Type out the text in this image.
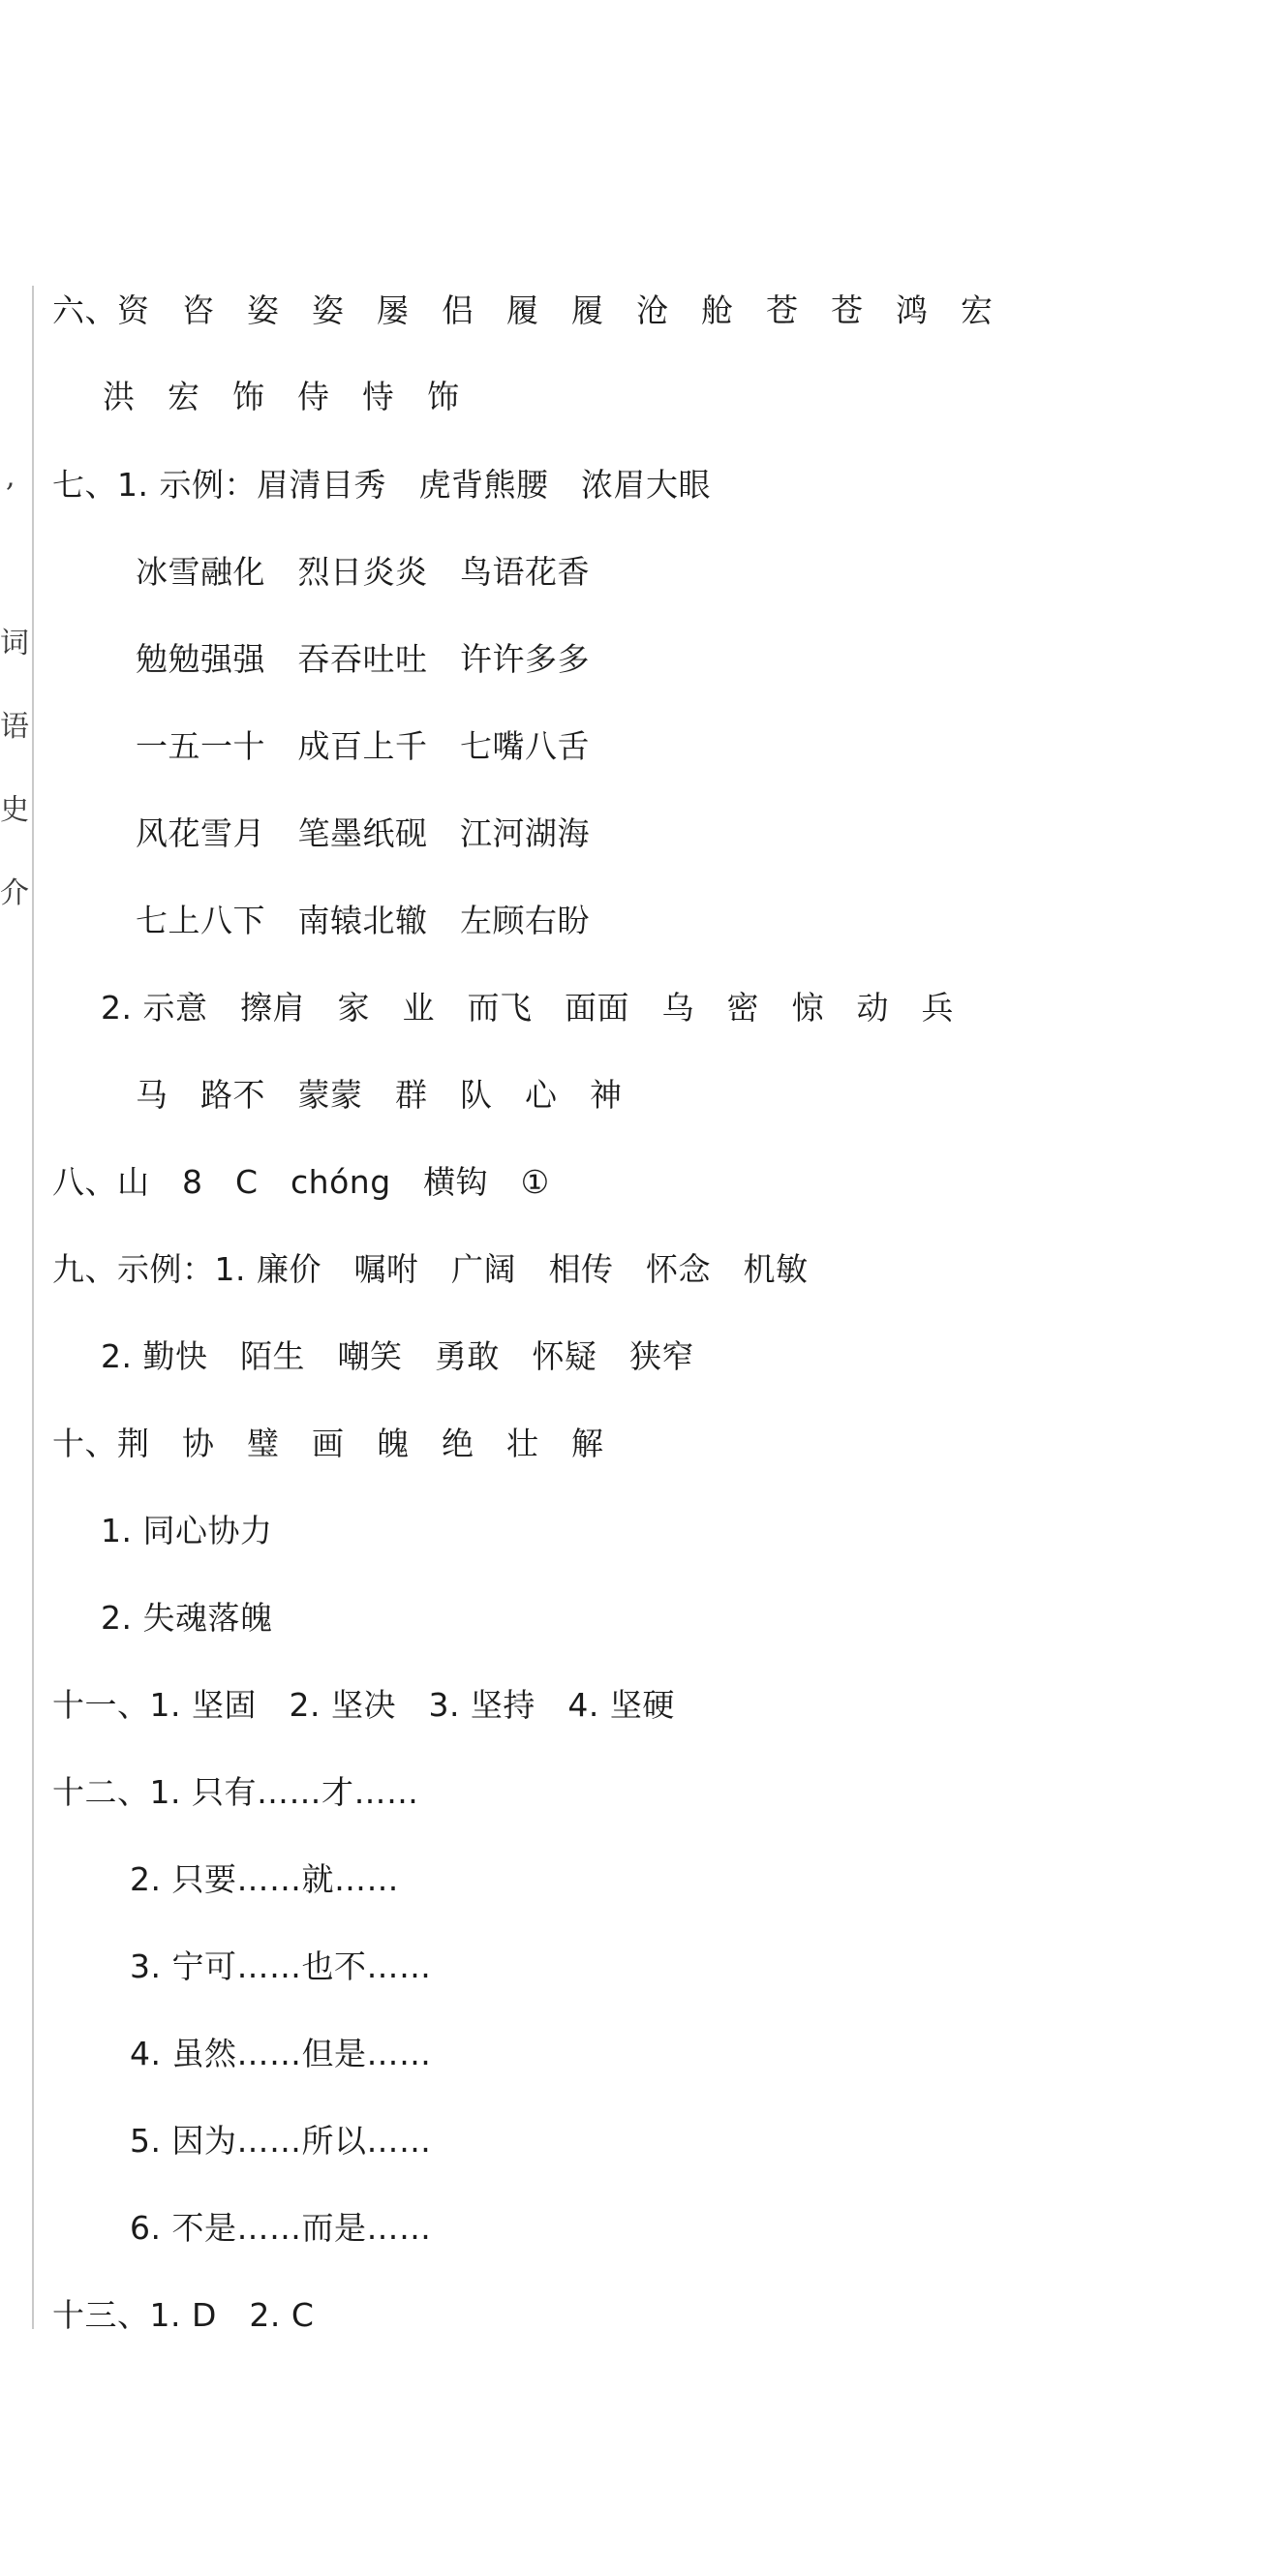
,
词
语
史
介
六、资　咨　姿　姿　屡　侣　履　履　沧　舱　苍　苍　鸿　宏
洪　宏　饰　侍　恃　饰
七、1. 示例：眉清目秀　虎背熊腰　浓眉大眼
冰雪融化　烈日炎炎　鸟语花香
勉勉强强　吞吞吐吐　许许多多
一五一十　成百上千　七嘴八舌
风花雪月　笔墨纸砚　江河湖海
七上八下　南辕北辙　左顾右盼
2. 示意　擦肩　家　业　而飞　面面　乌　密　惊　动　兵
马　路不　蒙蒙　群　队　心　神
八、山　8　C　chóng　横钩　①
九、示例：1. 廉价　嘱咐　广阔　相传　怀念　机敏
2. 勤快　陌生　嘲笑　勇敢　怀疑　狭窄
十、荆　协　璧　画　魄　绝　壮　解
1. 同心协力
2. 失魂落魄
十一、1. 坚固　2. 坚决　3. 坚持　4. 坚硬
十二、1. 只有……才……
2. 只要……就……
3. 宁可……也不……
4. 虽然……但是……
5. 因为……所以……
6. 不是……而是……
十三、1. D　2. C
